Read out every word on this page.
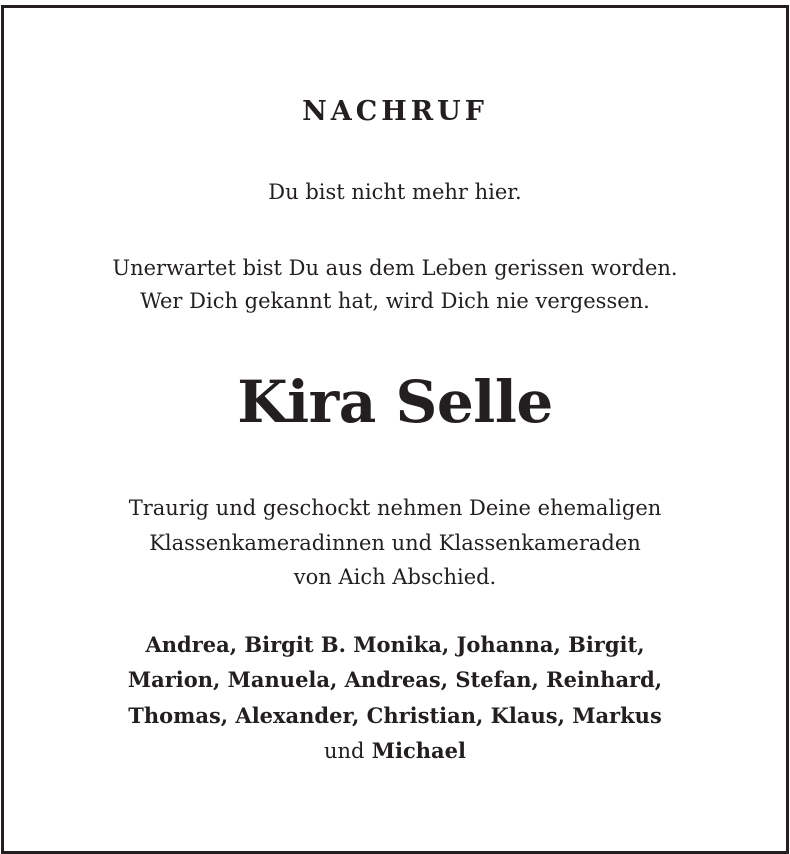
NACHRUF
Du bist nicht mehr hier.
Unerwartet bist Du aus dem Leben gerissen worden.
Wer Dich gekannt hat, wird Dich nie vergessen.
Kira Selle
Traurig und geschockt nehmen Deine ehemaligen
Klassenkameradinnen und Klassenkameraden
von Aich Abschied.
Andrea, Birgit B. Monika, Johanna, Birgit,
Marion, Manuela, Andreas, Stefan, Reinhard,
Thomas, Alexander, Christian, Klaus, Markus
und Michael
